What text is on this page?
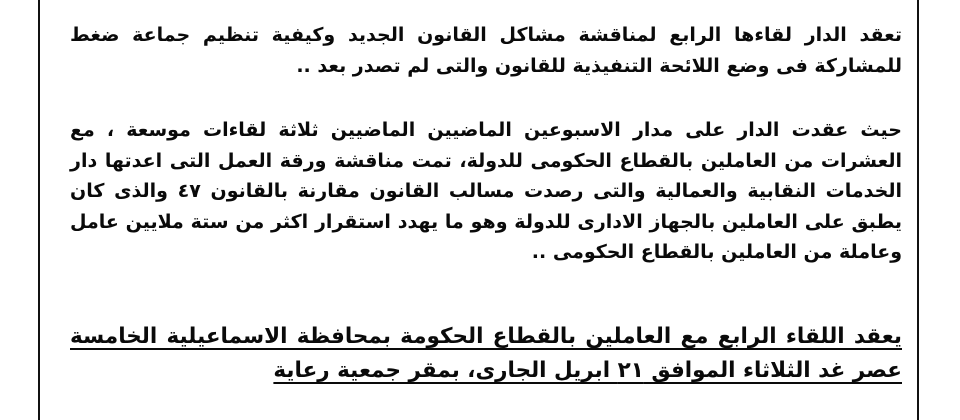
تعقد الدار لقاءها الرابع لمناقشة مشاكل القانون الجديد وكيفية تنظيم جماعة ضغط للمشاركة فى وضع اللائحة التنفيذية للقانون والتى لم تصدر بعد ..

حيث عقدت الدار على مدار الاسبوعين الماضيين الماضيين ثلاثة لقاءات موسعة ، مع العشرات من العاملين بالقطاع الحكومى للدولة، تمت مناقشة ورقة العمل التى اعدتها دار الخدمات النقابية والعمالية والتى رصدت مسالب القانون مقارنة بالقانون ٤٧ والذى كان يطبق على العاملين بالجهاز الادارى للدولة وهو ما يهدد استقرار اكثر من ستة ملايين عامل وعاملة من العاملين بالقطاع الحكومى ..

يعقد اللقاء الرابع مع العاملين بالقطاع الحكومة بمحافظة الاسماعيلية الخامسة عصر غد الثلاثاء الموافق ٢١ ابريل الجارى، بمقر جمعية رعاية
